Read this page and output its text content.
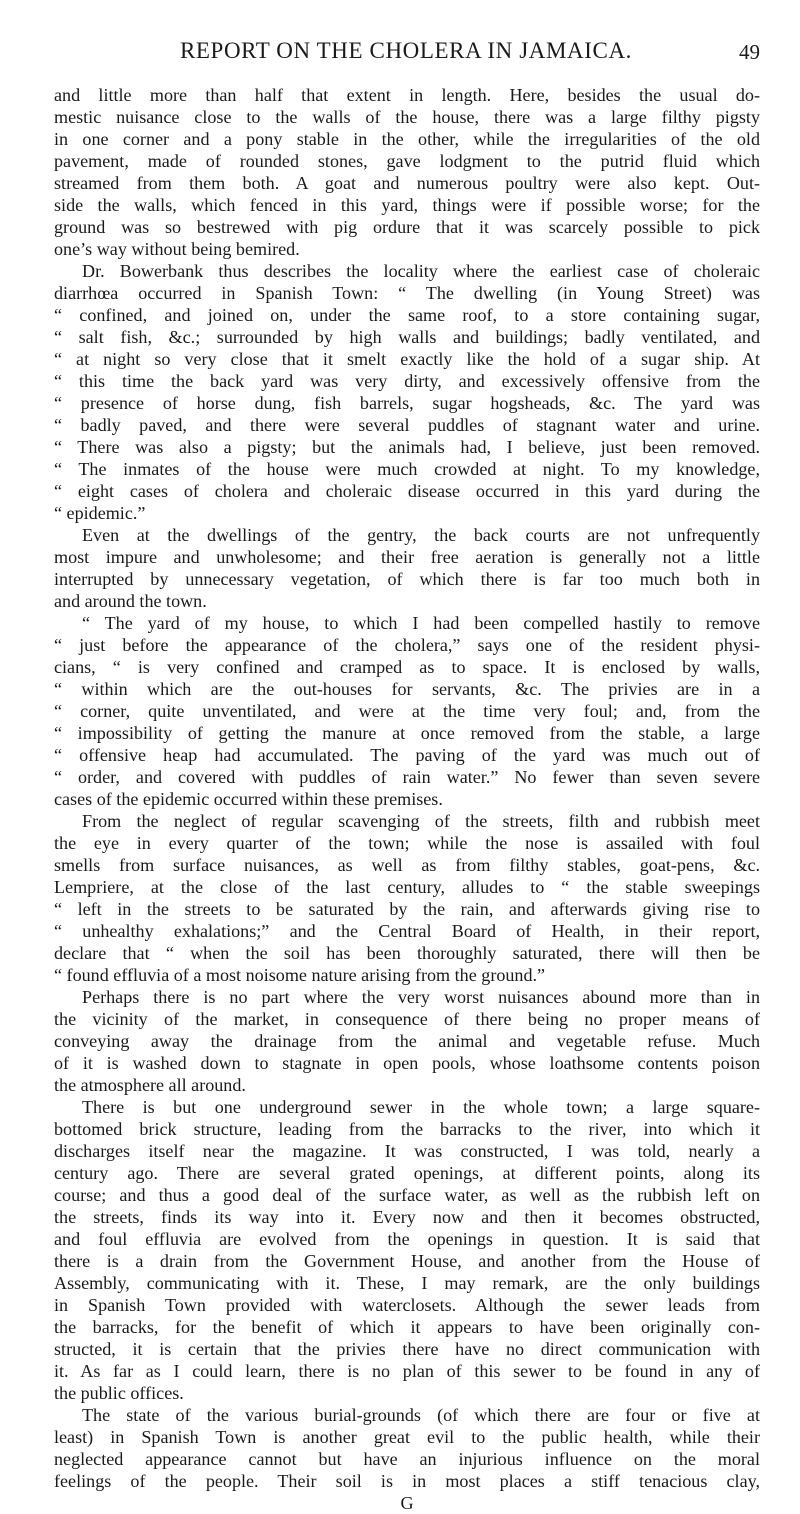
REPORT ON THE CHOLERA IN JAMAICA.	49
and little more than half that extent in length. Here, besides the usual do-
mestic nuisance close to the walls of the house, there was a large filthy pigsty
in one corner and a pony stable in the other, while the irregularities of the old
pavement, made of rounded stones, gave lodgment to the putrid fluid which
streamed from them both. A goat and numerous poultry were also kept. Out-
side the walls, which fenced in this yard, things were if possible worse; for the
ground was so bestrewed with pig ordure that it was scarcely possible to pick
one’s way without being bemired.
Dr. Bowerbank thus describes the locality where the earliest case of choleraic
diarrhœa occurred in Spanish Town: “ The dwelling (in Young Street) was
“ confined, and joined on, under the same roof, to a store containing sugar,
“ salt fish, &c.; surrounded by high walls and buildings; badly ventilated, and
“ at night so very close that it smelt exactly like the hold of a sugar ship. At
“ this time the back yard was very dirty, and excessively offensive from the
“ presence of horse dung, fish barrels, sugar hogsheads, &c. The yard was
“ badly paved, and there were several puddles of stagnant water and urine.
“ There was also a pigsty; but the animals had, I believe, just been removed.
“ The inmates of the house were much crowded at night. To my knowledge,
“ eight cases of cholera and choleraic disease occurred in this yard during the
“ epidemic.”
Even at the dwellings of the gentry, the back courts are not unfrequently
most impure and unwholesome; and their free aeration is generally not a little
interrupted by unnecessary vegetation, of which there is far too much both in
and around the town.
“ The yard of my house, to which I had been compelled hastily to remove
“ just before the appearance of the cholera,” says one of the resident physi-
cians, “ is very confined and cramped as to space. It is enclosed by walls,
“ within which are the out-houses for servants, &c. The privies are in a
“ corner, quite unventilated, and were at the time very foul; and, from the
“ impossibility of getting the manure at once removed from the stable, a large
“ offensive heap had accumulated. The paving of the yard was much out of
“ order, and covered with puddles of rain water.” No fewer than seven severe
cases of the epidemic occurred within these premises.
From the neglect of regular scavenging of the streets, filth and rubbish meet
the eye in every quarter of the town; while the nose is assailed with foul
smells from surface nuisances, as well as from filthy stables, goat-pens, &c.
Lempriere, at the close of the last century, alludes to “ the stable sweepings
“ left in the streets to be saturated by the rain, and afterwards giving rise to
“ unhealthy exhalations;” and the Central Board of Health, in their report,
declare that “ when the soil has been thoroughly saturated, there will then be
“ found effluvia of a most noisome nature arising from the ground.”
Perhaps there is no part where the very worst nuisances abound more than in
the vicinity of the market, in consequence of there being no proper means of
conveying away the drainage from the animal and vegetable refuse. Much
of it is washed down to stagnate in open pools, whose loathsome contents poison
the atmosphere all around.
There is but one underground sewer in the whole town; a large square-
bottomed brick structure, leading from the barracks to the river, into which it
discharges itself near the magazine. It was constructed, I was told, nearly a
century ago. There are several grated openings, at different points, along its
course; and thus a good deal of the surface water, as well as the rubbish left on
the streets, finds its way into it. Every now and then it becomes obstructed,
and foul effluvia are evolved from the openings in question. It is said that
there is a drain from the Government House, and another from the House of
Assembly, communicating with it. These, I may remark, are the only buildings
in Spanish Town provided with waterclosets. Although the sewer leads from
the barracks, for the benefit of which it appears to have been originally con-
structed, it is certain that the privies there have no direct communication with
it. As far as I could learn, there is no plan of this sewer to be found in any of
the public offices.
The state of the various burial-grounds (of which there are four or five at
least) in Spanish Town is another great evil to the public health, while their
neglected appearance cannot but have an injurious influence on the moral
feelings of the people. Their soil is in most places a stiff tenacious clay,
G
